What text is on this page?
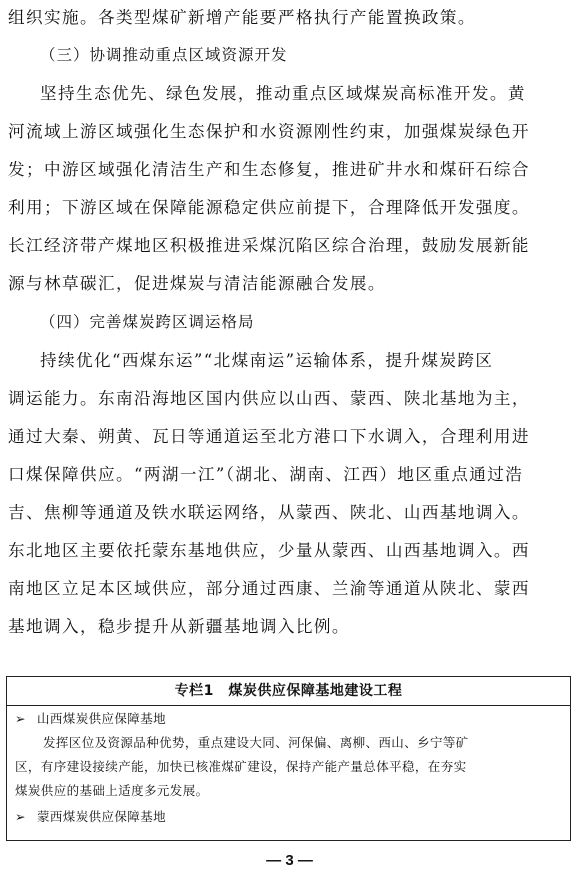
组织实施。各类型煤矿新增产能要严格执行产能置换政策。
（三）协调推动重点区域资源开发
坚持生态优先、绿色发展，推动重点区域煤炭高标准开发。黄
河流域上游区域强化生态保护和水资源刚性约束，加强煤炭绿色开
发；中游区域强化清洁生产和生态修复，推进矿井水和煤矸石综合
利用；下游区域在保障能源稳定供应前提下，合理降低开发强度。
长江经济带产煤地区积极推进采煤沉陷区综合治理，鼓励发展新能
源与林草碳汇，促进煤炭与清洁能源融合发展。
（四）完善煤炭跨区调运格局
持续优化“西煤东运”“北煤南运”运输体系，提升煤炭跨区
调运能力。东南沿海地区国内供应以山西、蒙西、陕北基地为主，
通过大秦、朔黄、瓦日等通道运至北方港口下水调入，合理利用进
口煤保障供应。“两湖一江”（湖北、湖南、江西）地区重点通过浩
吉、焦柳等通道及铁水联运网络，从蒙西、陕北、山西基地调入。
东北地区主要依托蒙东基地供应，少量从蒙西、山西基地调入。西
南地区立足本区域供应，部分通过西康、兰渝等通道从陕北、蒙西
基地调入，稳步提升从新疆基地调入比例。
专栏1　煤炭供应保障基地建设工程
➢ 山西煤炭供应保障基地
发挥区位及资源品种优势，重点建设大同、河保偏、离柳、西山、乡宁等矿
区，有序建设接续产能，加快已核准煤矿建设，保持产能产量总体平稳，在夯实
煤炭供应的基础上适度多元发展。
➢ 蒙西煤炭供应保障基地
— 3 —
